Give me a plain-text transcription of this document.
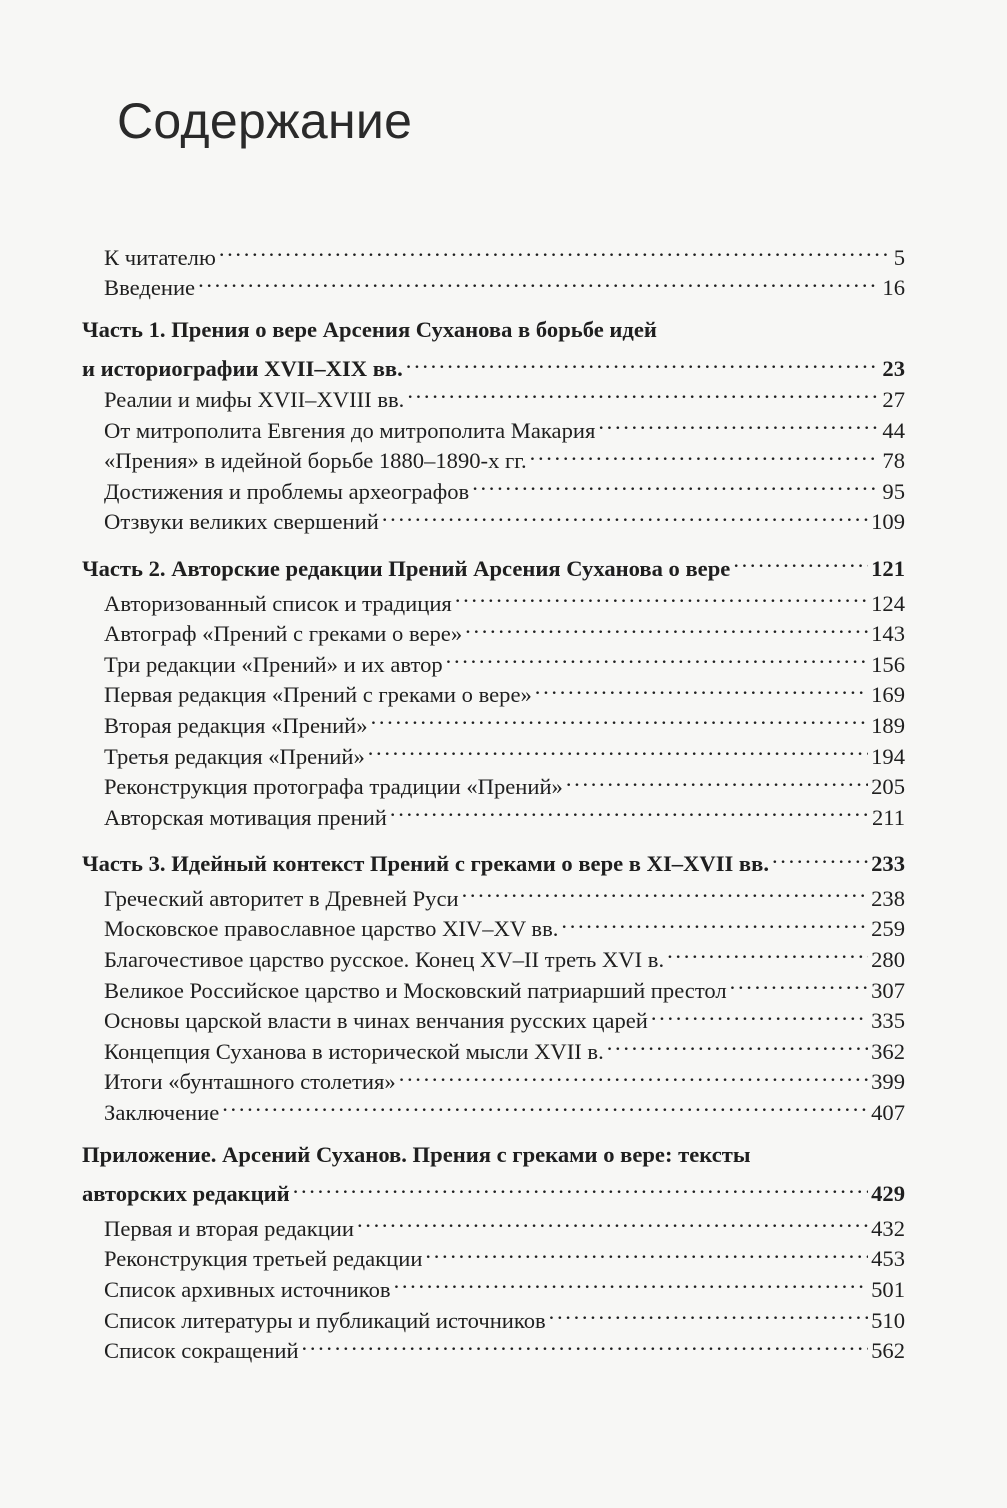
Содержание
К читателю . . .	5
Введение . . .	16
Часть 1. Прения о вере Арсения Суханова в борьбе идей
и историографии XVII–XIX вв. . . .	23
Реалии и мифы XVII–XVIII вв. . . .	27
От митрополита Евгения до митрополита Макария . . .	44
«Прения» в идейной борьбе 1880–1890-х гг. . . .	78
Достижения и проблемы археографов . . .	95
Отзвуки великих свершений . . .	109
Часть 2. Авторские редакции Прений Арсения Суханова о вере . . .	121
Авторизованный список и традиция . . .	124
Автограф «Прений с греками о вере» . . .	143
Три редакции «Прений» и их автор . . .	156
Первая редакция «Прений с греками о вере» . . .	169
Вторая редакция «Прений» . . .	189
Третья редакция «Прений» . . .	194
Реконструкция протографа традиции «Прений» . . .	205
Авторская мотивация прений . . .	211
Часть 3. Идейный контекст Прений с греками о вере в XI–XVII вв. . . .	233
Греческий авторитет в Древней Руси . . .	238
Московское православное царство XIV–XV вв. . . .	259
Благочестивое царство русское. Конец XV–II треть XVI в. . . .	280
Великое Российское царство и Московский патриарший престол . . .	307
Основы царской власти в чинах венчания русских царей . . .	335
Концепция Суханова в исторической мысли XVII в. . . .	362
Итоги «бунташного столетия» . . .	399
Заключение . . .	407
Приложение. Арсений Суханов. Прения с греками о вере: тексты
авторских редакций . . .	429
Первая и вторая редакции . . .	432
Реконструкция третьей редакции . . .	453
Список архивных источников . . .	501
Список литературы и публикаций источников . . .	510
Список сокращений . . .	562
